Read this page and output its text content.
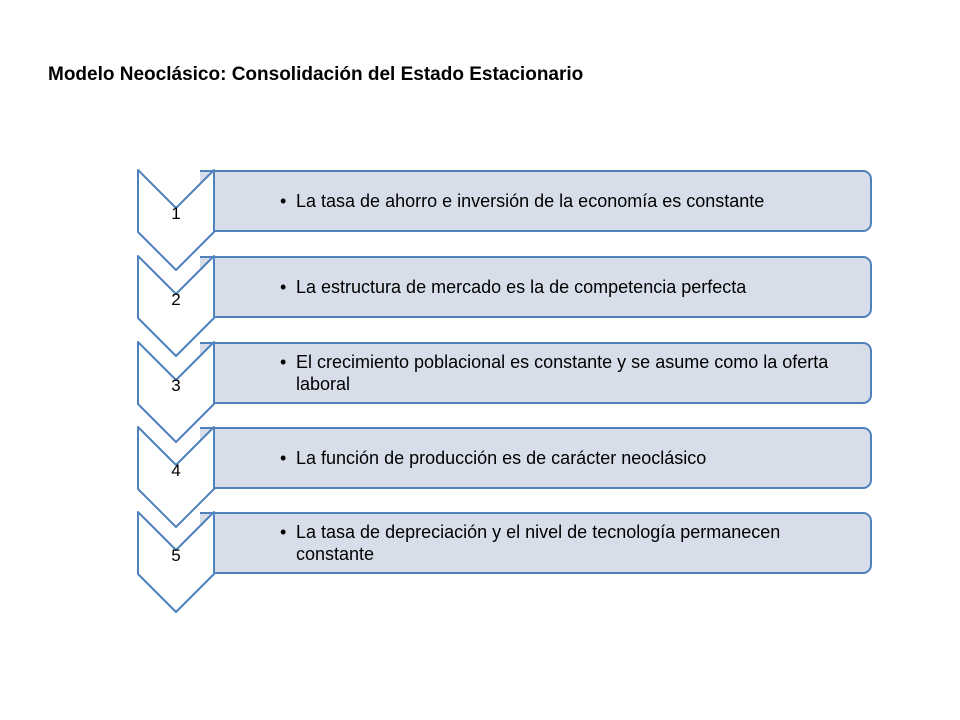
Modelo Neoclásico: Consolidación del Estado Estacionario
• La tasa de ahorro e inversión de la economía es constante
1
• La estructura de mercado es la de competencia perfecta
2
• El crecimiento poblacional es constante y se asume como la oferta laboral
3
• La función de producción es de carácter neoclásico
4
• La tasa de depreciación y el nivel de tecnología permanecen constante
5
